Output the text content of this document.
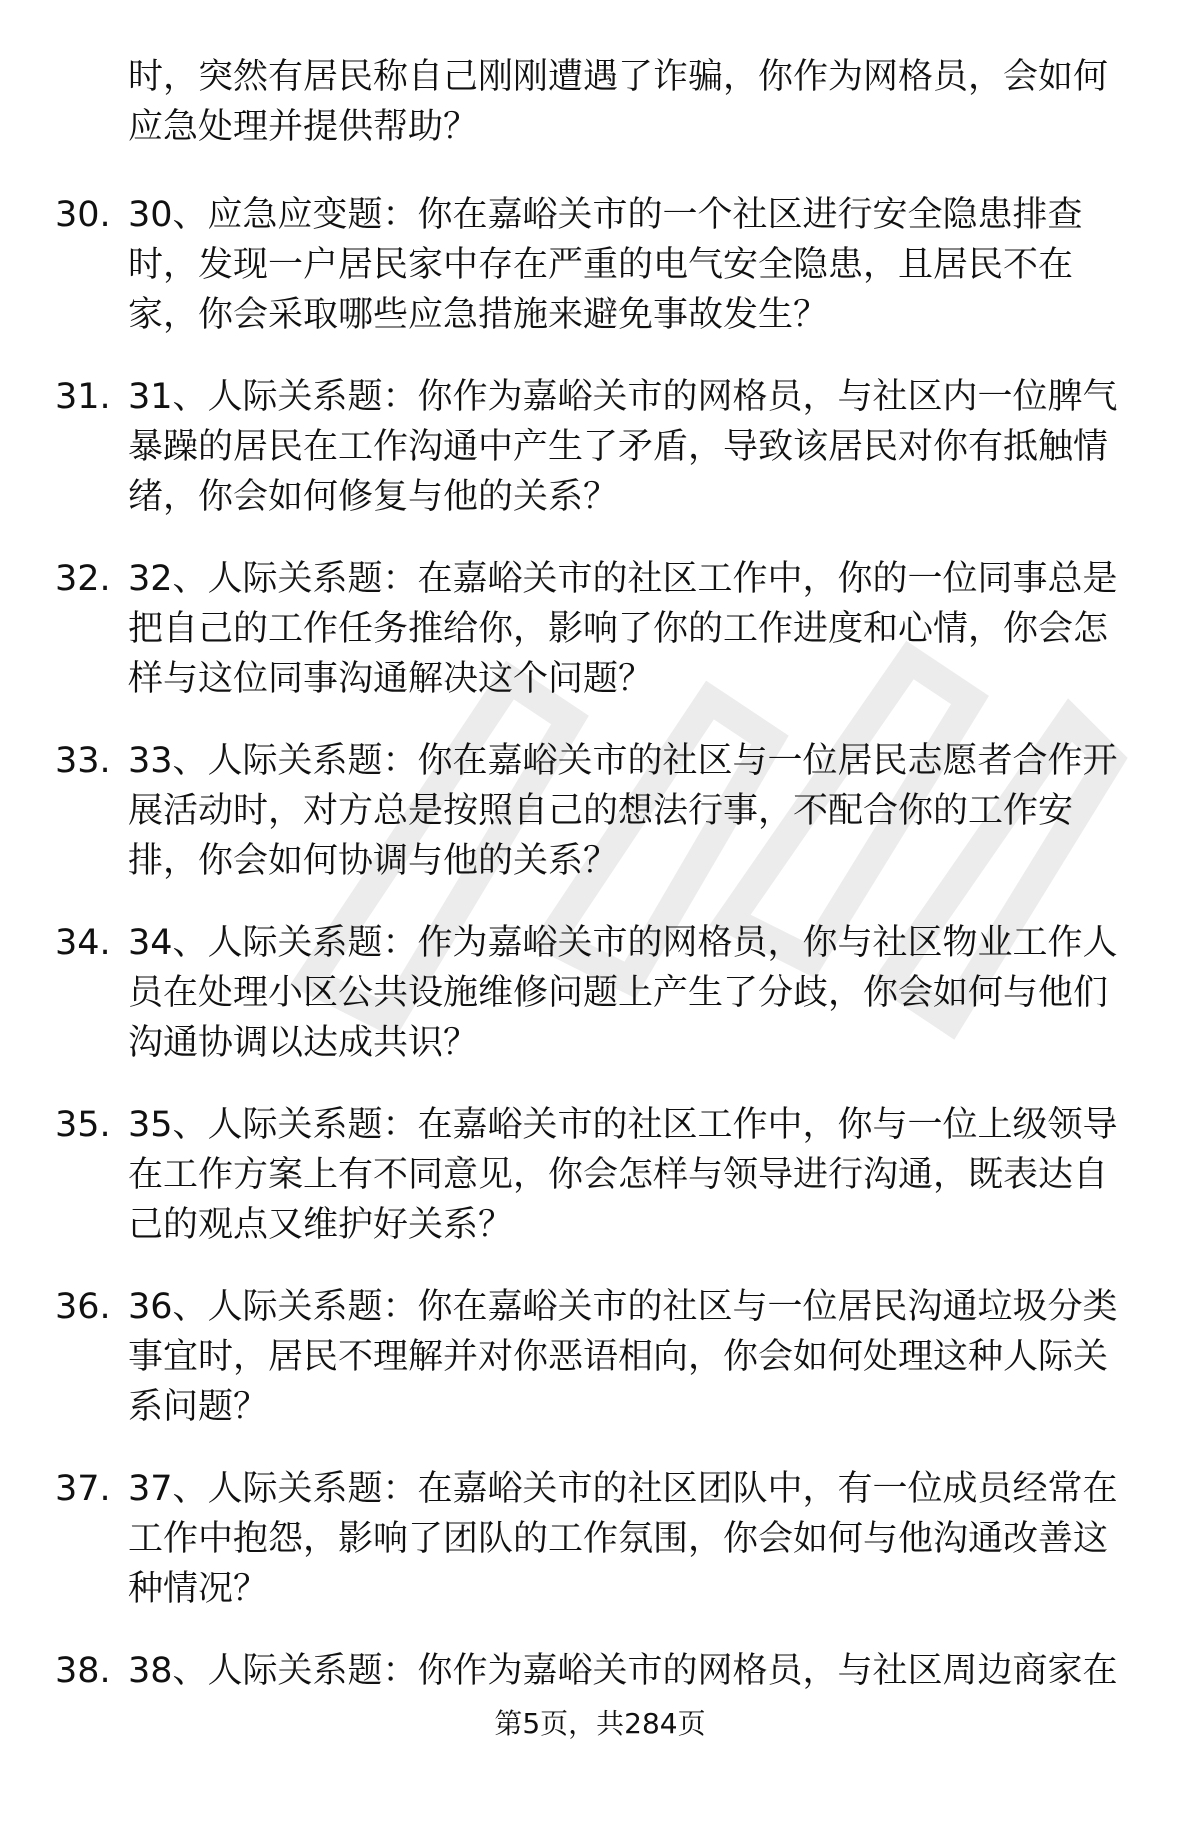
时，突然有居民称自己刚刚遭遇了诈骗，你作为网格员，会如何应急处理并提供帮助？
30. 30、应急应变题：你在嘉峪关市的一个社区进行安全隐患排查时，发现一户居民家中存在严重的电气安全隐患，且居民不在家，你会采取哪些应急措施来避免事故发生？
31. 31、人际关系题：你作为嘉峪关市的网格员，与社区内一位脾气暴躁的居民在工作沟通中产生了矛盾，导致该居民对你有抵触情绪，你会如何修复与他的关系？
32. 32、人际关系题：在嘉峪关市的社区工作中，你的一位同事总是把自己的工作任务推给你，影响了你的工作进度和心情，你会怎样与这位同事沟通解决这个问题？
33. 33、人际关系题：你在嘉峪关市的社区与一位居民志愿者合作开展活动时，对方总是按照自己的想法行事，不配合你的工作安排，你会如何协调与他的关系？
34. 34、人际关系题：作为嘉峪关市的网格员，你与社区物业工作人员在处理小区公共设施维修问题上产生了分歧，你会如何与他们沟通协调以达成共识？
35. 35、人际关系题：在嘉峪关市的社区工作中，你与一位上级领导在工作方案上有不同意见，你会怎样与领导进行沟通，既表达自己的观点又维护好关系？
36. 36、人际关系题：你在嘉峪关市的社区与一位居民沟通垃圾分类事宜时，居民不理解并对你恶语相向，你会如何处理这种人际关系问题？
37. 37、人际关系题：在嘉峪关市的社区团队中，有一位成员经常在工作中抱怨，影响了团队的工作氛围，你会如何与他沟通改善这种情况？
38. 38、人际关系题：你作为嘉峪关市的网格员，与社区周边商家在
第5页，共284页
